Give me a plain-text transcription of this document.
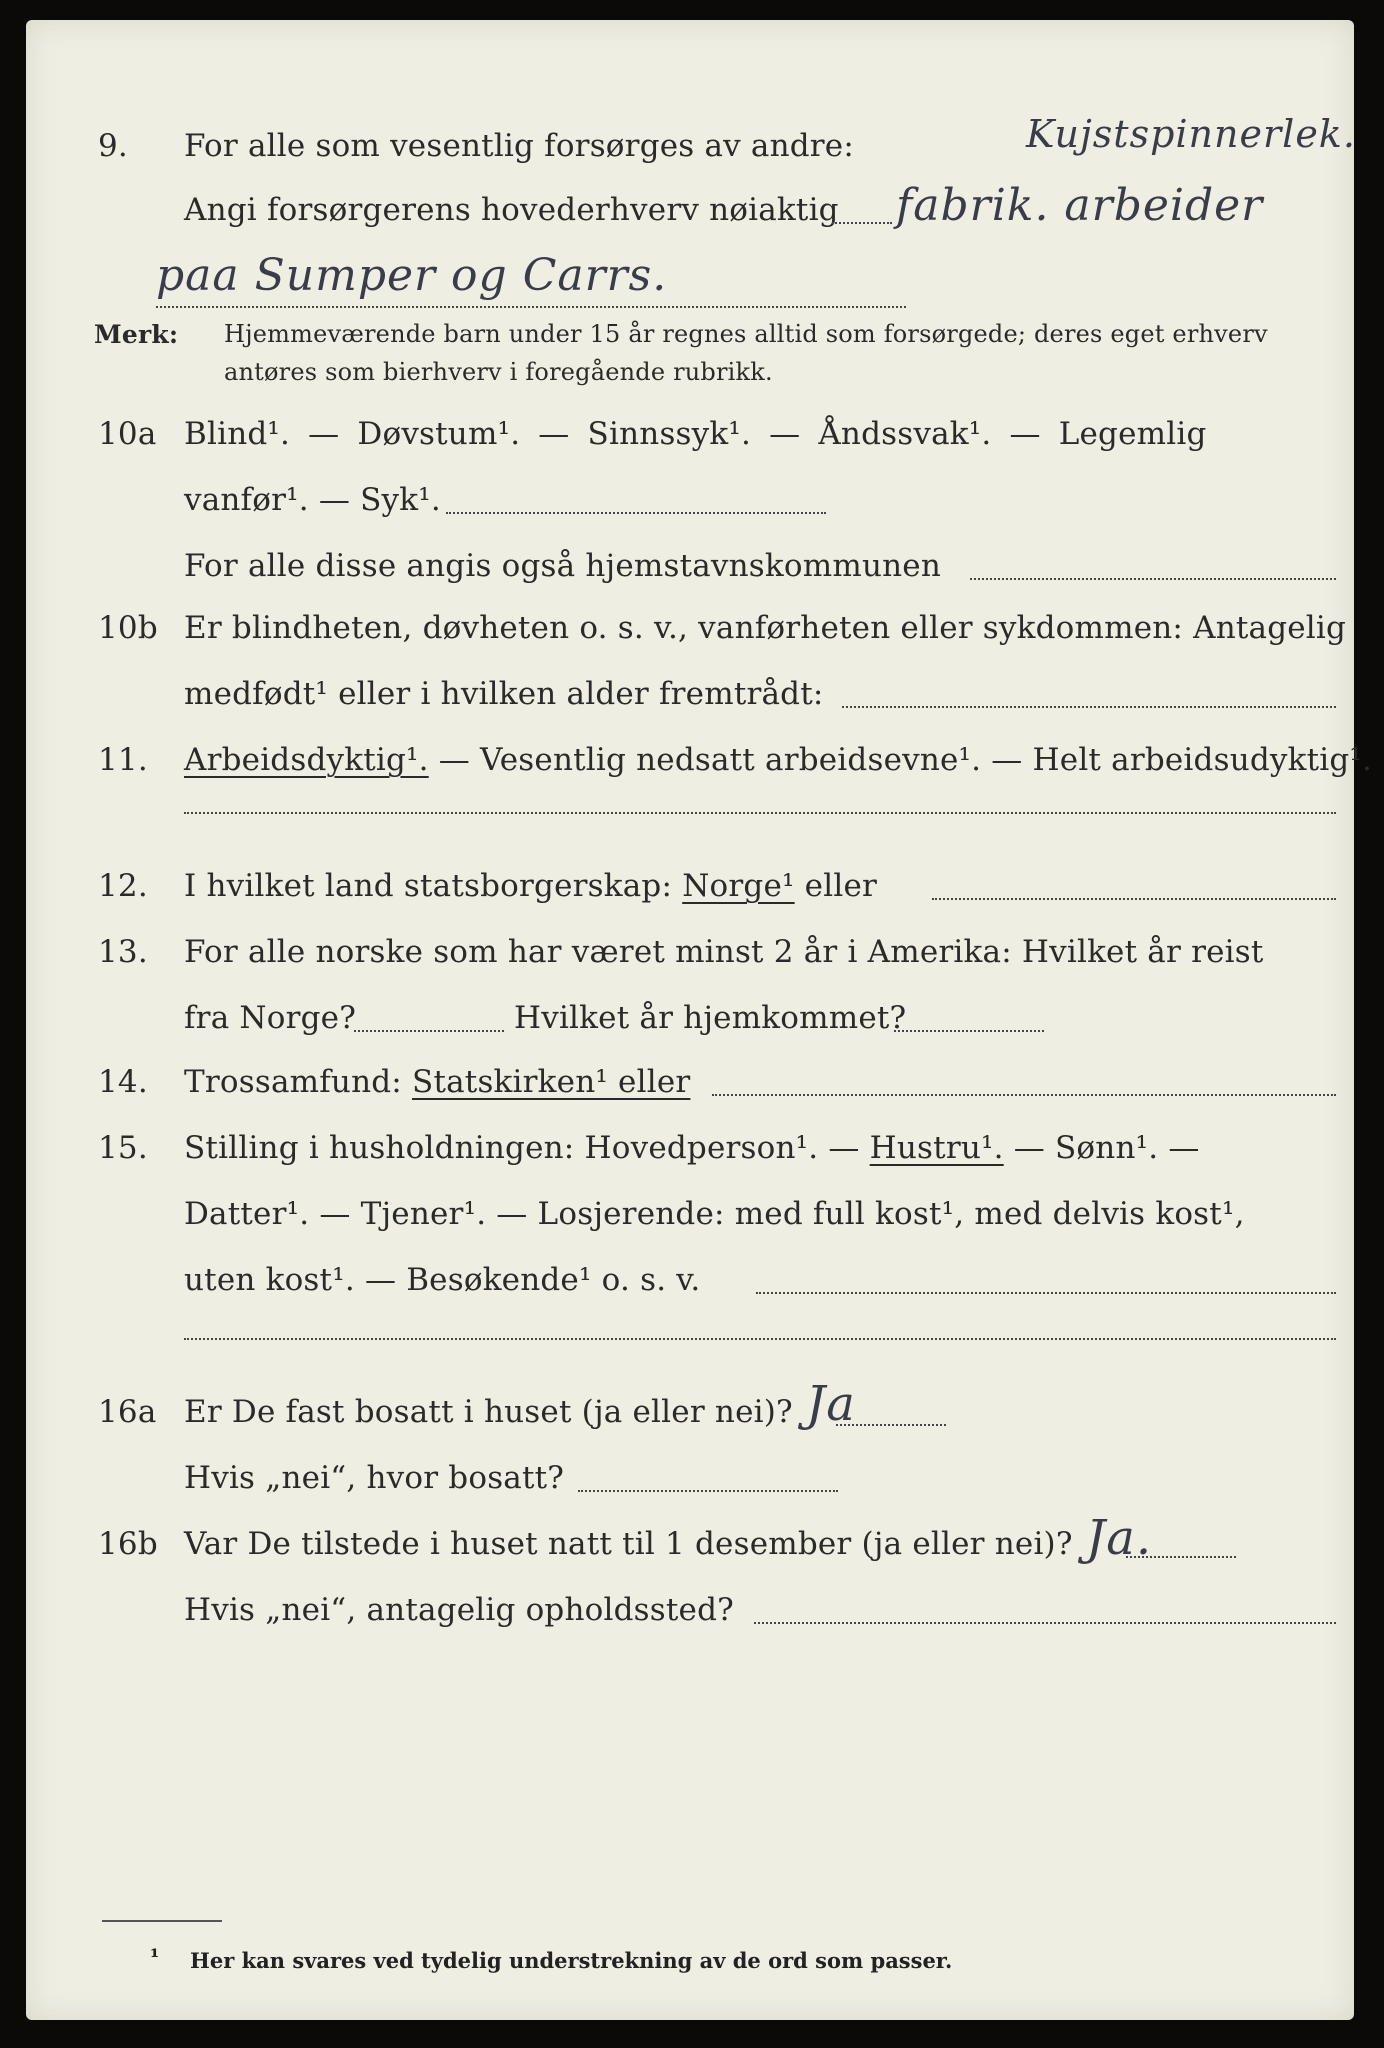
9. For alle som vesentlig forsørges av andre:	Kujstspinnerlek.
Angi forsørgerens hovederhverv nøiaktig fabrik. arbeider
paa Sumper og Carrs.
Merk: Hjemmeværende barn under 15 år regnes alltid som forsørgede; deres eget erhverv
antøres som bierhverv i foregående rubrikk.
10a Blind¹. — Døvstum¹. — Sinnssyk¹. — Åndssvak¹. — Legemlig
vanfør¹. — Syk¹.
For alle disse angis også hjemstavnskommunen
10b Er blindheten, døvheten o. s. v., vanførheten eller sykdommen: Antagelig
medfødt¹ eller i hvilken alder fremtrådt:
11. Arbeidsdyktig¹. — Vesentlig nedsatt arbeidsevne¹. — Helt arbeidsudyktig¹.
12. I hvilket land statsborgerskap: Norge¹ eller
13. For alle norske som har været minst 2 år i Amerika: Hvilket år reist
fra Norge?	Hvilket år hjemkommet?
14. Trossamfund: Statskirken¹ eller
15. Stilling i husholdningen: Hovedperson¹. — Hustru¹. — Sønn¹. —
Datter¹. — Tjener¹. — Losjerende: med full kost¹, med delvis kost¹,
uten kost¹. — Besøkende¹ o. s. v.
16a Er De fast bosatt i huset (ja eller nei)? Ja
Hvis „nei“, hvor bosatt?
16b Var De tilstede i huset natt til 1 desember (ja eller nei)? Ja.
Hvis „nei“, antagelig opholdssted?
¹ Her kan svares ved tydelig understrekning av de ord som passer.
